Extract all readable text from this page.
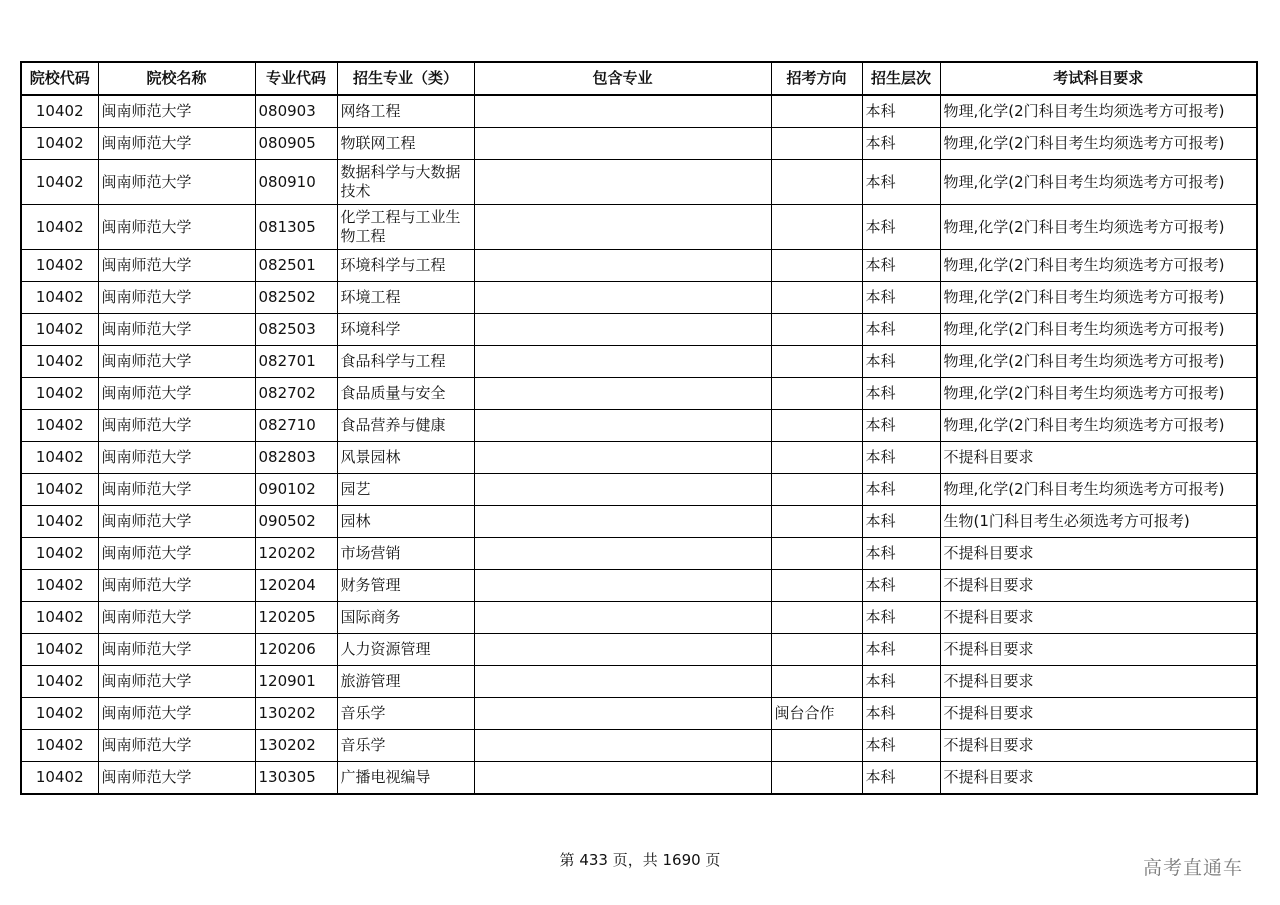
院校代码	院校名称	专业代码	招生专业（类）	包含专业	招考方向	招生层次	考试科目要求
10402	闽南师范大学	080903	网络工程			本科	物理,化学(2门科目考生均须选考方可报考)
10402	闽南师范大学	080905	物联网工程			本科	物理,化学(2门科目考生均须选考方可报考)
10402	闽南师范大学	080910	数据科学与大数据技术			本科	物理,化学(2门科目考生均须选考方可报考)
10402	闽南师范大学	081305	化学工程与工业生物工程			本科	物理,化学(2门科目考生均须选考方可报考)
10402	闽南师范大学	082501	环境科学与工程			本科	物理,化学(2门科目考生均须选考方可报考)
10402	闽南师范大学	082502	环境工程			本科	物理,化学(2门科目考生均须选考方可报考)
10402	闽南师范大学	082503	环境科学			本科	物理,化学(2门科目考生均须选考方可报考)
10402	闽南师范大学	082701	食品科学与工程			本科	物理,化学(2门科目考生均须选考方可报考)
10402	闽南师范大学	082702	食品质量与安全			本科	物理,化学(2门科目考生均须选考方可报考)
10402	闽南师范大学	082710	食品营养与健康			本科	物理,化学(2门科目考生均须选考方可报考)
10402	闽南师范大学	082803	风景园林			本科	不提科目要求
10402	闽南师范大学	090102	园艺			本科	物理,化学(2门科目考生均须选考方可报考)
10402	闽南师范大学	090502	园林			本科	生物(1门科目考生必须选考方可报考)
10402	闽南师范大学	120202	市场营销			本科	不提科目要求
10402	闽南师范大学	120204	财务管理			本科	不提科目要求
10402	闽南师范大学	120205	国际商务			本科	不提科目要求
10402	闽南师范大学	120206	人力资源管理			本科	不提科目要求
10402	闽南师范大学	120901	旅游管理			本科	不提科目要求
10402	闽南师范大学	130202	音乐学		闽台合作	本科	不提科目要求
10402	闽南师范大学	130202	音乐学			本科	不提科目要求
10402	闽南师范大学	130305	广播电视编导			本科	不提科目要求
第 433 页，共 1690 页	高考直通车
